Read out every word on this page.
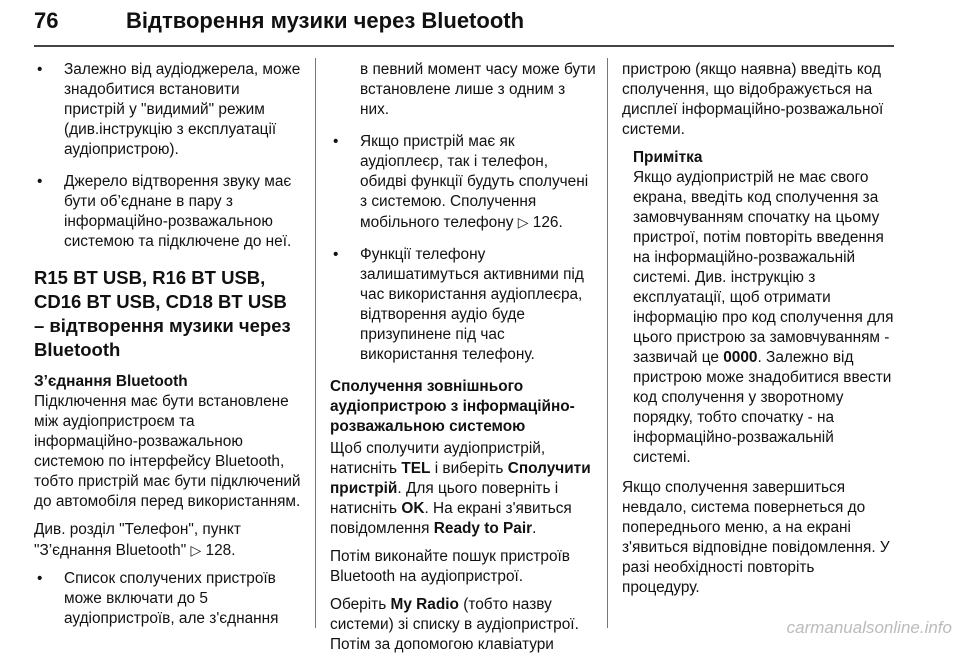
76	Відтворення музики через Bluetooth
• Залежно від аудіоджерела, може знадобитися встановити пристрій у "видимий" режим (див.інструкцію з експлуатації аудіопристрою).
• Джерело відтворення звуку має бути об’єднане в пару з інформаційно-розважальною системою та підключене до неї.
R15 BT USB, R16 BT USB, CD16 BT USB, CD18 BT USB – відтворення музики через Bluetooth
З’єднання Bluetooth

Підключення має бути встановлене між аудіопристроєм та інформаційно-розважальною системою по інтерфейсу Bluetooth, тобто пристрій має бути підключений до автомобіля перед використанням.

Див. розділ "Телефон", пункт "З’єднання Bluetooth" ▷ 128.

• Список сполучених пристроїв може включати до 5 аудіопристроїв, але з'єднання
в певний момент часу може бути встановлене лише з одним з них.
• Якщо пристрій має як аудіоплеєр, так і телефон, обидві функції будуть сполучені з системою. Сполучення мобільного телефону ▷ 126.
• Функції телефону залишатимуться активними під час використання аудіоплеєра, відтворення аудіо буде призупинене під час використання телефону.
Сполучення зовнішнього аудіопристрою з інформаційно-розважальною системою

Щоб сполучити аудіопристрій, натисніть TEL і виберіть Сполучити пристрій. Для цього поверніть і натисніть OK. На екрані з'явиться повідомлення Ready to Pair.

Потім виконайте пошук пристроїв Bluetooth на аудіопристрої.

Оберіть My Radio (тобто назву системи) зі списку в аудіопристрої. Потім за допомогою клавіатури

пристрою (якщо наявна) введіть код сполучення, що відображується на дисплеї інформаційно-розважальної системи.

Примітка
Якщо аудіопристрій не має свого екрана, введіть код сполучення за замовчуванням спочатку на цьому пристрої, потім повторіть введення на інформаційно-розважальній системі. Див. інструкцію з експлуатації, щоб отримати інформацію про код сполучення для цього пристрою за замовчуванням - зазвичай це 0000. Залежно від пристрою може знадобитися ввести код сполучення у зворотному порядку, тобто спочатку - на інформаційно-розважальній системі.

Якщо сполучення завершиться невдало, система повернеться до попереднього меню, а на екрані з'явиться відповідне повідомлення. У разі необхідності повторіть процедуру.

carmanualsonline.info
